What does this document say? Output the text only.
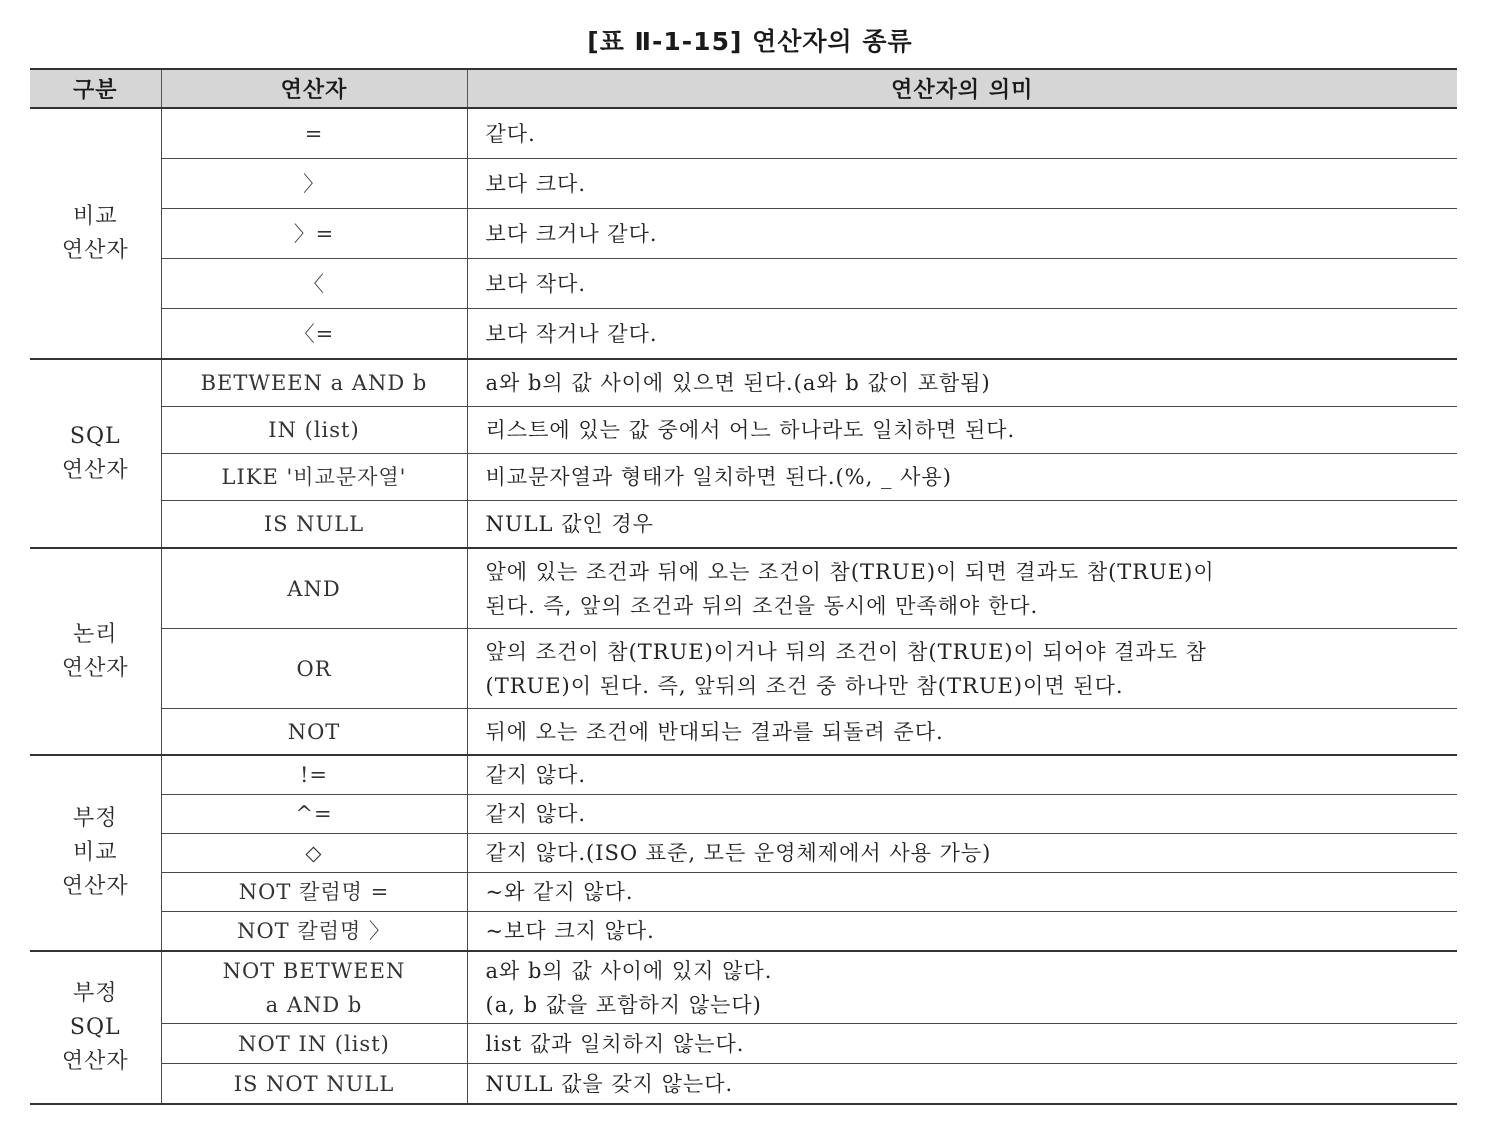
[표 Ⅱ-1-15] 연산자의 종류
구분	연산자	연산자의 의미

비교
연산자	=	같다.
	〉	보다 크다.
	〉=	보다 크거나 같다.
	〈	보다 작다.
	〈=	보다 작거나 같다.

SQL
연산자	BETWEEN a AND b	a와 b의 값 사이에 있으면 된다.(a와 b 값이 포함됨)
	IN (list)	리스트에 있는 값 중에서 어느 하나라도 일치하면 된다.
	LIKE '비교문자열'	비교문자열과 형태가 일치하면 된다.(%, _ 사용)
	IS NULL	NULL 값인 경우

논리
연산자	AND	앞에 있는 조건과 뒤에 오는 조건이 참(TRUE)이 되면 결과도 참(TRUE)이
된다. 즉, 앞의 조건과 뒤의 조건을 동시에 만족해야 한다.

	OR	앞의 조건이 참(TRUE)이거나 뒤의 조건이 참(TRUE)이 되어야 결과도 참
(TRUE)이 된다. 즉, 앞뒤의 조건 중 하나만 참(TRUE)이면 된다.

	NOT	뒤에 오는 조건에 반대되는 결과를 되돌려 준다.

부정
비교
연산자	!=	같지 않다.
	^=	같지 않다.
	◇	같지 않다.(ISO 표준, 모든 운영체제에서 사용 가능)
	NOT 칼럼명 =	~와 같지 않다.
	NOT 칼럼명 〉	~보다 크지 않다.

부정
SQL
연산자	NOT BETWEEN
a AND b	a와 b의 값 사이에 있지 않다.
(a, b 값을 포함하지 않는다)

	NOT IN (list)	list 값과 일치하지 않는다.
	IS NOT NULL	NULL 값을 갖지 않는다.
